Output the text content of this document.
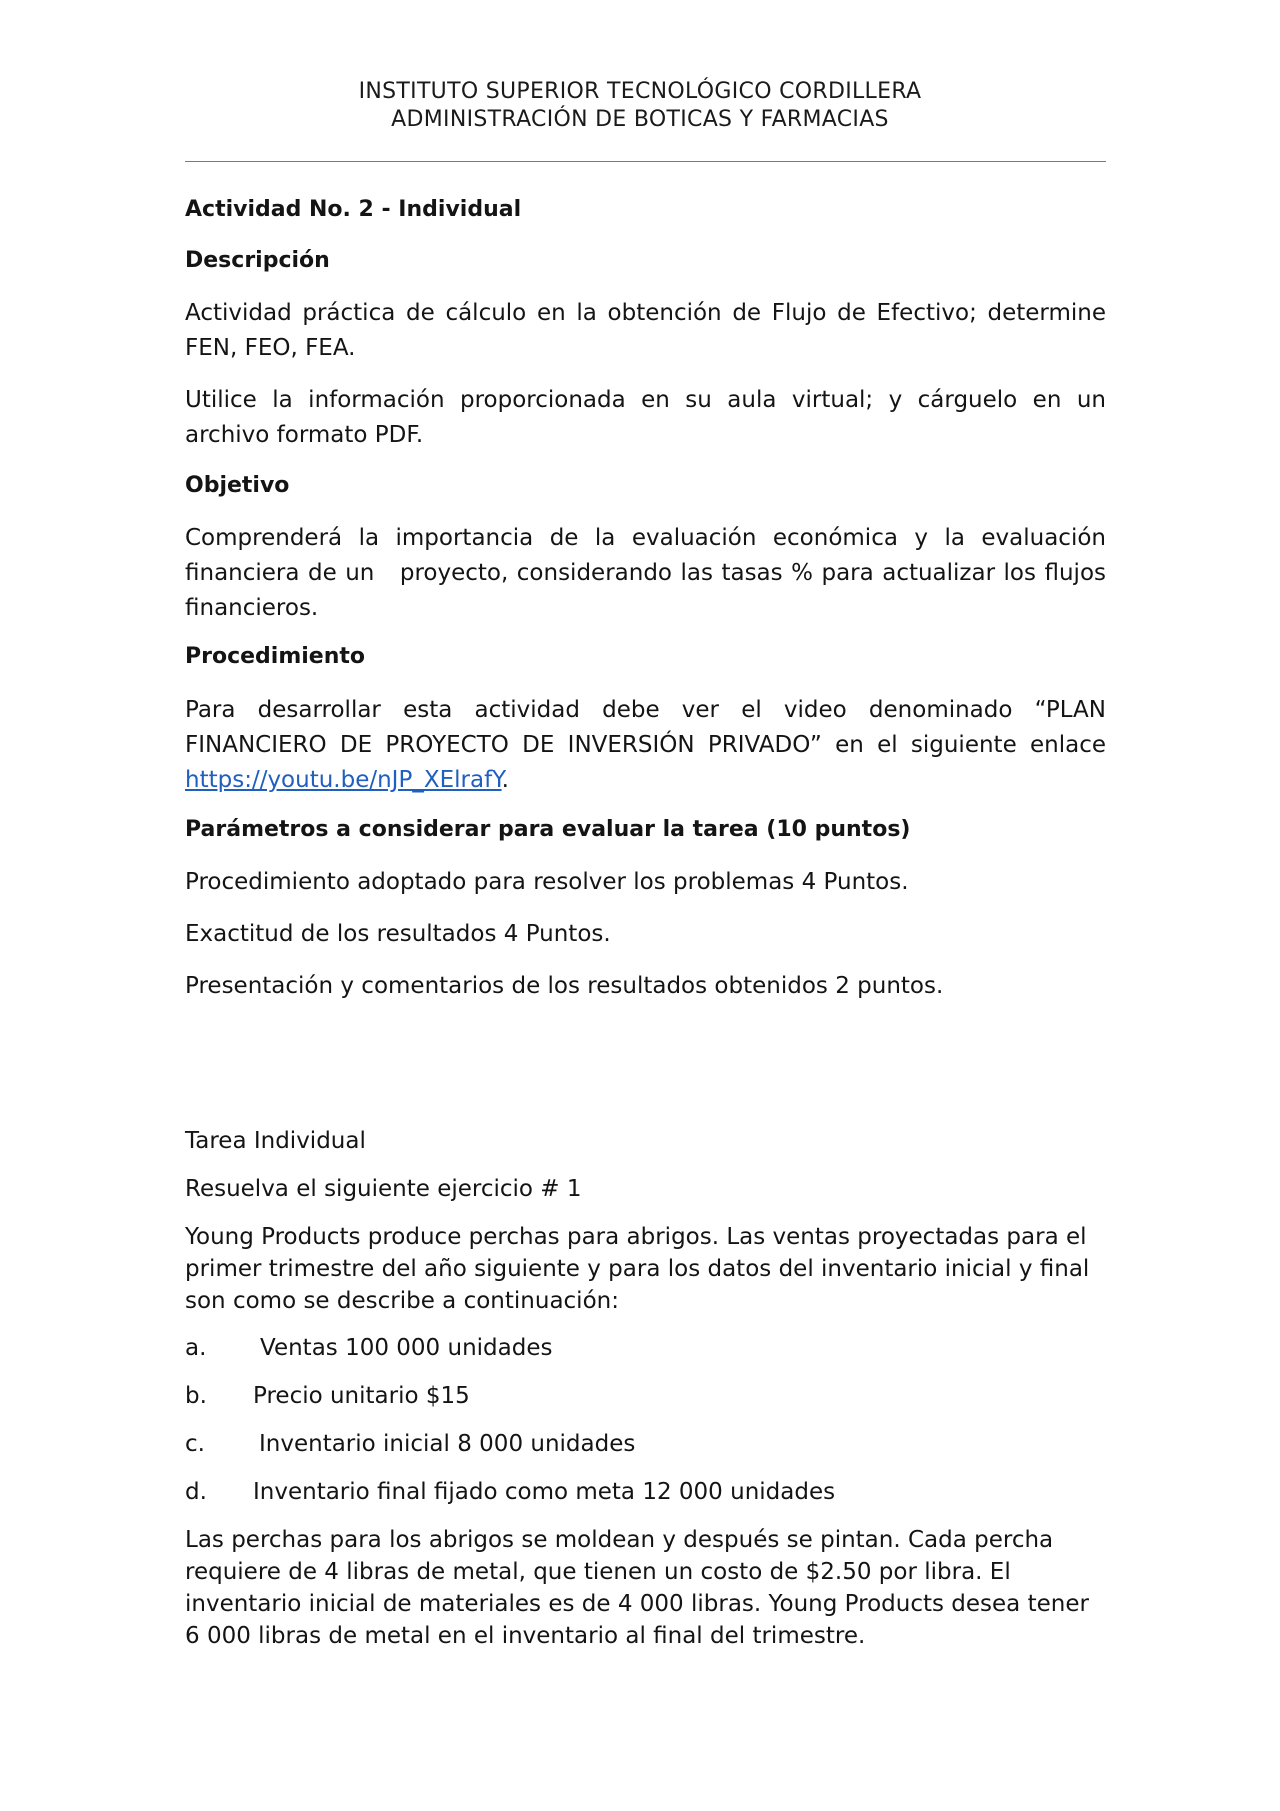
INSTITUTO SUPERIOR TECNOLÓGICO CORDILLERA
ADMINISTRACIÓN DE BOTICAS Y FARMACIAS

Actividad No. 2 - Individual

Descripción

Actividad práctica de cálculo en la obtención de Flujo de Efectivo; determine FEN, FEO, FEA.

Utilice la información proporcionada en su aula virtual; y cárguelo en un archivo formato PDF.

Objetivo

Comprenderá la importancia de la evaluación económica y la evaluación financiera de un   proyecto, considerando las tasas % para actualizar los flujos financieros.

Procedimiento

Para desarrollar esta actividad debe ver el video denominado “PLAN FINANCIERO DE PROYECTO DE INVERSIÓN PRIVADO” en el siguiente enlace https://youtu.be/nJP_XElrafY.

Parámetros a considerar para evaluar la tarea (10 puntos)

Procedimiento adoptado para resolver los problemas 4 Puntos.

Exactitud de los resultados 4 Puntos.

Presentación y comentarios de los resultados obtenidos 2 puntos.

Tarea Individual

Resuelva el siguiente ejercicio # 1

Young Products produce perchas para abrigos. Las ventas proyectadas para el primer trimestre del año siguiente y para los datos del inventario inicial y final son como se describe a continuación:

a. Ventas 100 000 unidades
b. Precio unitario $15
c. Inventario inicial 8 000 unidades
d. Inventario final fijado como meta 12 000 unidades

Las perchas para los abrigos se moldean y después se pintan. Cada percha requiere de 4 libras de metal, que tienen un costo de $2.50 por libra. El inventario inicial de materiales es de 4 000 libras. Young Products desea tener 6 000 libras de metal en el inventario al final del trimestre.
